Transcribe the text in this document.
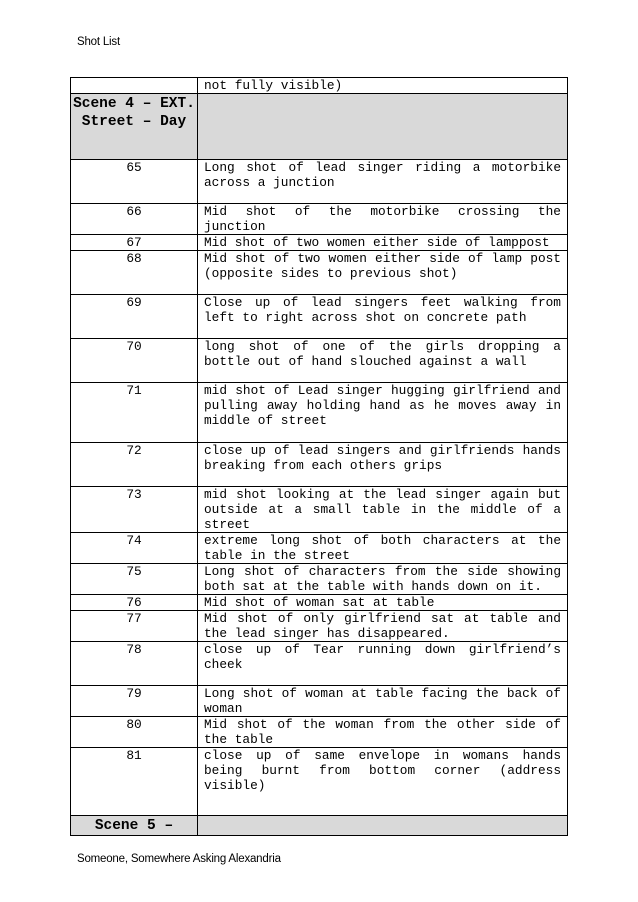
Shot List
	not fully visible)
Scene 4 – EXT. Street – Day	
65	Long shot of lead singer riding a motorbike across a junction
66	Mid shot of the motorbike crossing the junction
67	Mid shot of two women either side of lamppost
68	Mid shot of two women either side of lamp post (opposite sides to previous shot)
69	Close up of lead singers feet walking from left to right across shot on concrete path
70	long shot of one of the girls dropping a bottle out of hand slouched against a wall
71	mid shot of Lead singer hugging girlfriend and pulling away holding hand as he moves away in middle of street
72	close up of lead singers and girlfriends hands breaking from each others grips
73	mid shot looking at the lead singer again but outside at a small table in the middle of a street
74	extreme long shot of both characters at the table in the street
75	Long shot of characters from the side showing both sat at the table with hands down on it.
76	Mid shot of woman sat at table
77	Mid shot of only girlfriend sat at table and the lead singer has disappeared.
78	close up of Tear running down girlfriend’s cheek
79	Long shot of woman at table facing the back of woman
80	Mid shot of the woman from the other side of the table
81	close up of same envelope in womans hands being burnt from bottom corner (address visible)
Scene 5 –	
Someone, Somewhere Asking Alexandria
